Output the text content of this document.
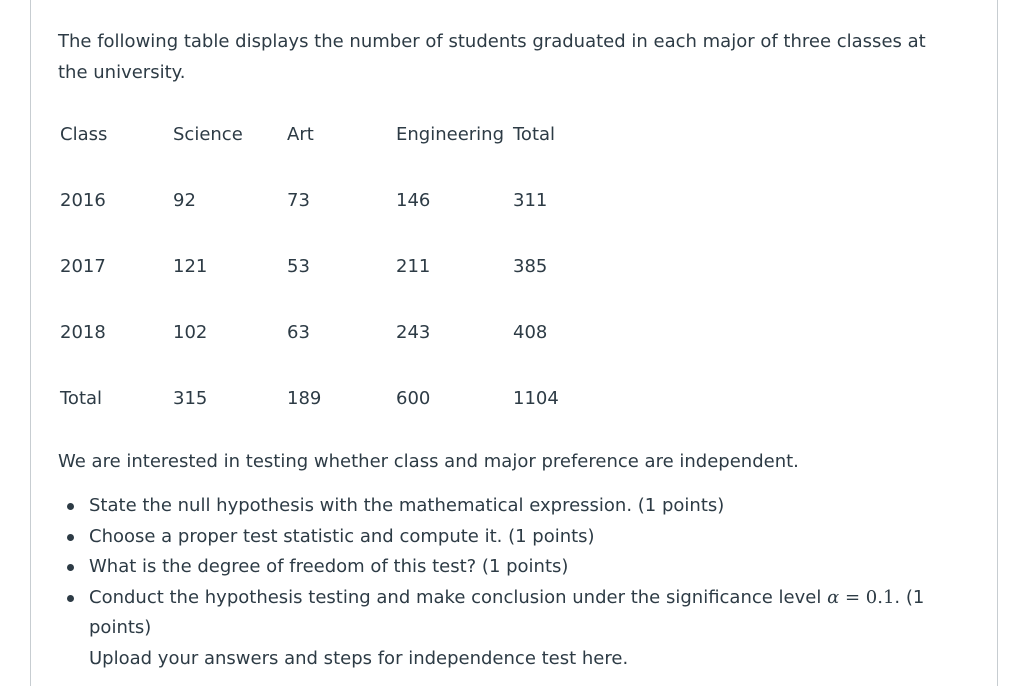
The following table displays the number of students graduated in each major of three classes at the university.

Class	Science	Art	Engineering	Total
2016	92	73	146	311
2017	121	53	211	385
2018	102	63	243	408
Total	315	189	600	1104

We are interested in testing whether class and major preference are independent.

State the null hypothesis with the mathematical expression. (1 points)
Choose a proper test statistic and compute it. (1 points)
What is the degree of freedom of this test? (1 points)
Conduct the hypothesis testing and make conclusion under the significance level α = 0.1. (1 points)
Upload your answers and steps for independence test here.
